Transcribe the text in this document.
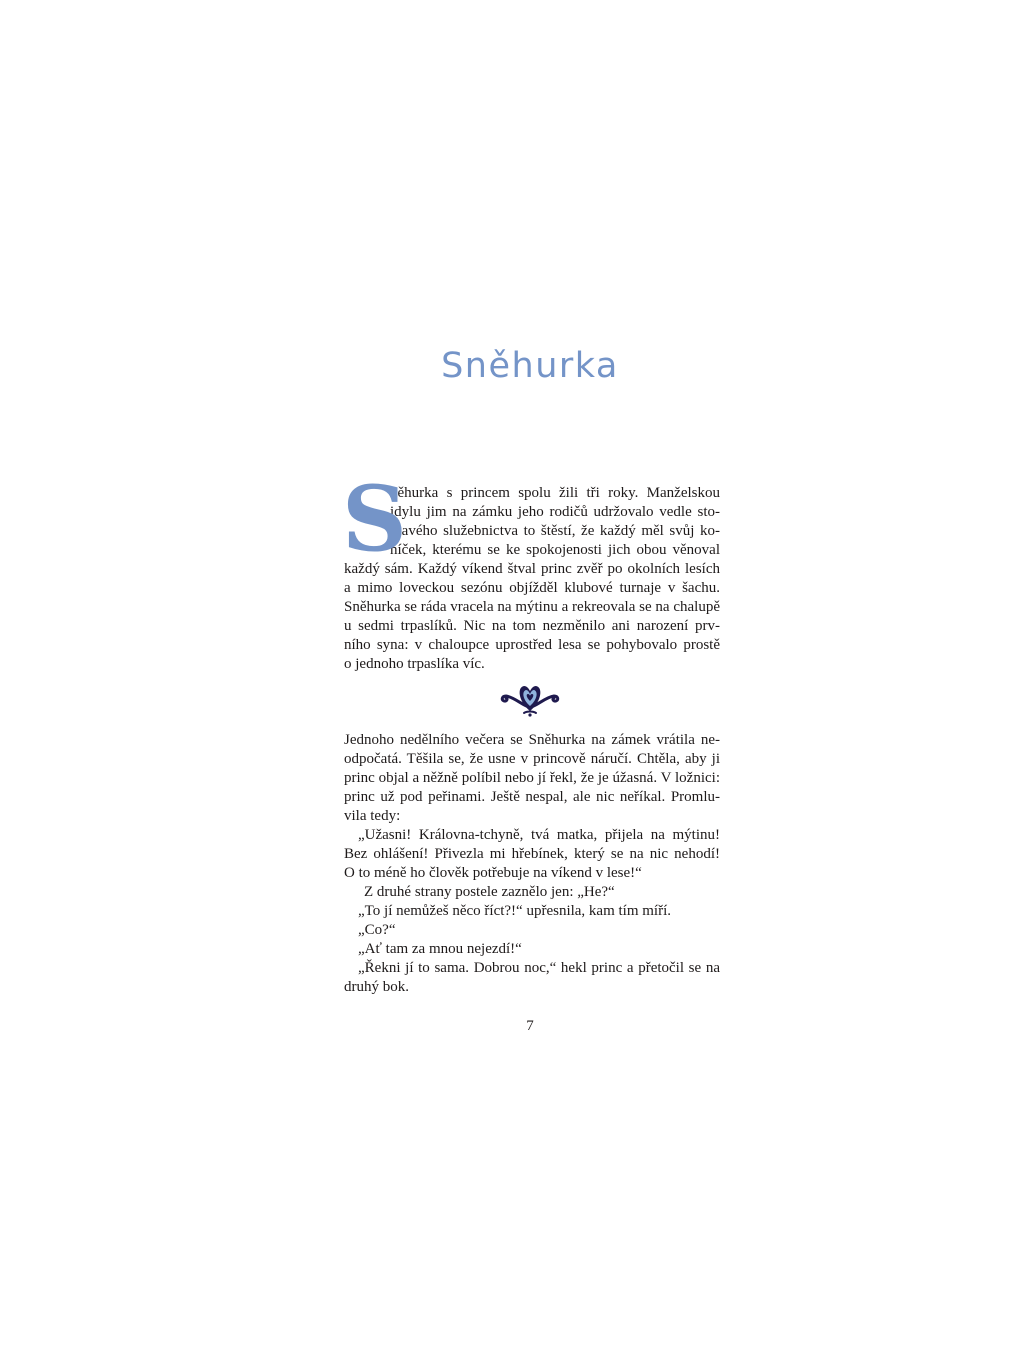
Sněhurka
S
něhurka s princem spolu žili tři roky. Manželskou
idylu jim na zámku jeho rodičů udržovalo vedle sto-
hlavého služebnictva to štěstí, že každý měl svůj ko-
níček, kterému se ke spokojenosti jich obou věnoval
každý sám. Každý víkend štval princ zvěř po okolních lesích
a mimo loveckou sezónu objížděl klubové turnaje v šachu.
Sněhurka se ráda vracela na mýtinu a rekreovala se na chalupě
u sedmi trpaslíků. Nic na tom nezměnilo ani narození prv-
ního syna: v chaloupce uprostřed lesa se pohybovalo prostě
o jednoho trpaslíka víc.
Jednoho nedělního večera se Sněhurka na zámek vrátila ne-
odpočatá. Těšila se, že usne v princově náručí. Chtěla, aby ji
princ objal a něžně políbil nebo jí řekl, že je úžasná. V ložnici:
princ už pod peřinami. Ještě nespal, ale nic neříkal. Promlu-
vila tedy:
„Užasni! Královna-tchyně, tvá matka, přijela na mýtinu!
Bez ohlášení! Přivezla mi hřebínek, který se na nic nehodí!
O to méně ho člověk potřebuje na víkend v lese!“
Z druhé strany postele zaznělo jen: „He?“
„To jí nemůžeš něco říct?!“ upřesnila, kam tím míří.
„Co?“
„Ať tam za mnou nejezdí!“
„Řekni jí to sama. Dobrou noc,“ hekl princ a přetočil se na
druhý bok.
7
